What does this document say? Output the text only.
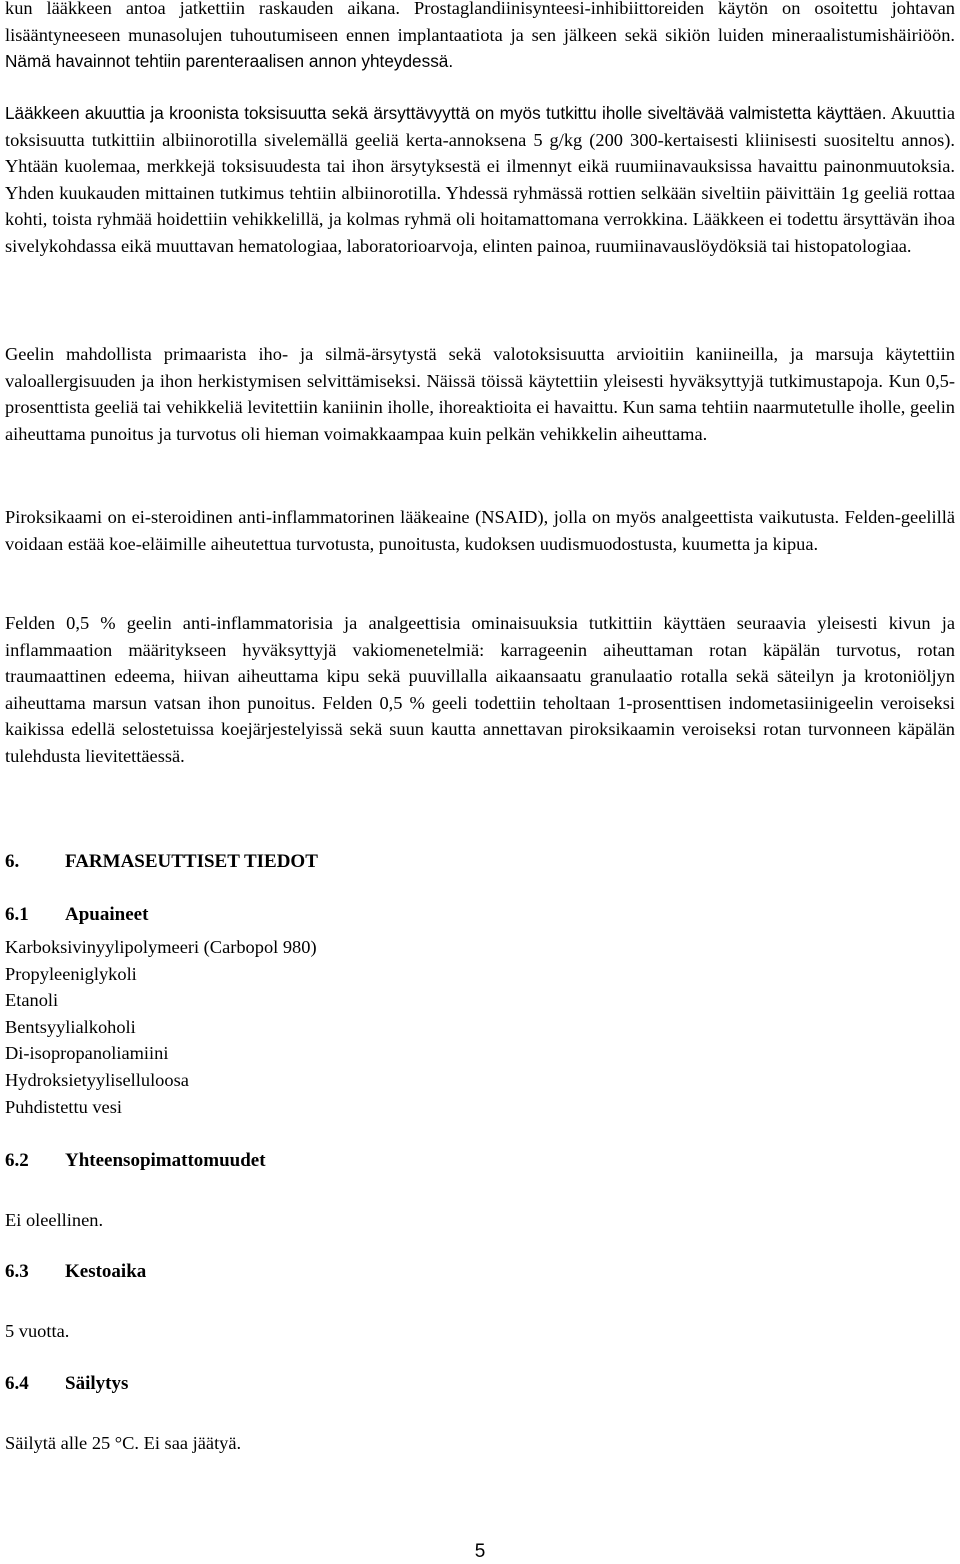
kun lääkkeen antoa jatkettiin raskauden aikana. Prostaglandiinisynteesi-inhibiittoreiden käytön on osoitettu johtavan lisääntyneeseen munasolujen tuhoutumiseen ennen implantaatiota ja sen jälkeen sekä sikiön luiden mineraalistumishäiriöön. Nämä havainnot tehtiin parenteraalisen annon yhteydessä.

Lääkkeen akuuttia ja kroonista toksisuutta sekä ärsyttävyyttä on myös tutkittu iholle siveltävää valmistetta käyttäen. Akuuttia toksisuutta tutkittiin albiinorotilla sivelemällä geeliä kerta-annoksena 5 g/kg (200 300-kertaisesti kliinisesti suositeltu annos). Yhtään kuolemaa, merkkejä toksisuudesta tai ihon ärsytyksestä ei ilmennyt eikä ruumiinavauksissa havaittu painonmuutoksia. Yhden kuukauden mittainen tutkimus tehtiin albiinorotilla. Yhdessä ryhmässä rottien selkään siveltiin päivittäin 1g geeliä rottaa kohti, toista ryhmää hoidettiin vehikkelillä, ja kolmas ryhmä oli hoitamattomana verrokkina. Lääkkeen ei todettu ärsyttävän ihoa sivelykohdassa eikä muuttavan hematologiaa, laboratorioarvoja, elinten painoa, ruumiinavauslöydöksiä tai histopatologiaa.

Geelin mahdollista primaarista iho- ja silmä-ärsytystä sekä valotoksisuutta arvioitiin kaniineilla, ja marsuja käytettiin valoallergisuuden ja ihon herkistymisen selvittämiseksi. Näissä töissä käytettiin yleisesti hyväksyttyjä tutkimustapoja. Kun 0,5-prosenttista geeliä tai vehikkeliä levitettiin kaniinin iholle, ihoreaktioita ei havaittu. Kun sama tehtiin naarmutetulle iholle, geelin aiheuttama punoitus ja turvotus oli hieman voimakkaampaa kuin pelkän vehikkelin aiheuttama.

Piroksikaami on ei-steroidinen anti-inflammatorinen lääkeaine (NSAID), jolla on myös analgeettista vaikutusta. Felden-geelillä voidaan estää koe-eläimille aiheutettua turvotusta, punoitusta, kudoksen uudismuodostusta, kuumetta ja kipua.

Felden 0,5 % geelin anti-inflammatorisia ja analgeettisia ominaisuuksia tutkittiin käyttäen seuraavia yleisesti kivun ja inflammaation määritykseen hyväksyttyjä vakiomenetelmiä: karrageenin aiheuttaman rotan käpälän turvotus, rotan traumaattinen edeema, hiivan aiheuttama kipu sekä puuvillalla aikaansaatu granulaatio rotalla sekä säteilyn ja krotoniöljyn aiheuttama marsun vatsan ihon punoitus. Felden 0,5 % geeli todettiin teholtaan 1-prosenttisen indometasiinigeelin veroiseksi kaikissa edellä selostetuissa koejärjestelyissä sekä suun kautta annettavan piroksikaamin veroiseksi rotan turvonneen käpälän tulehdusta lievitettäessä.

6. FARMASEUTTISET TIEDOT
6.1 Apuaineet
Karboksivinyylipolymeeri (Carbopol 980)
Propyleeniglykoli
Etanoli
Bentsyylialkoholi
Di-isopropanoliamiini
Hydroksietyyliselluloosa
Puhdistettu vesi
6.2 Yhteensopimattomuudet

Ei oleellinen.

6.3 Kestoaika

5 vuotta.

6.4 Säilytys

Säilytä alle 25 °C. Ei saa jäätyä.

5
